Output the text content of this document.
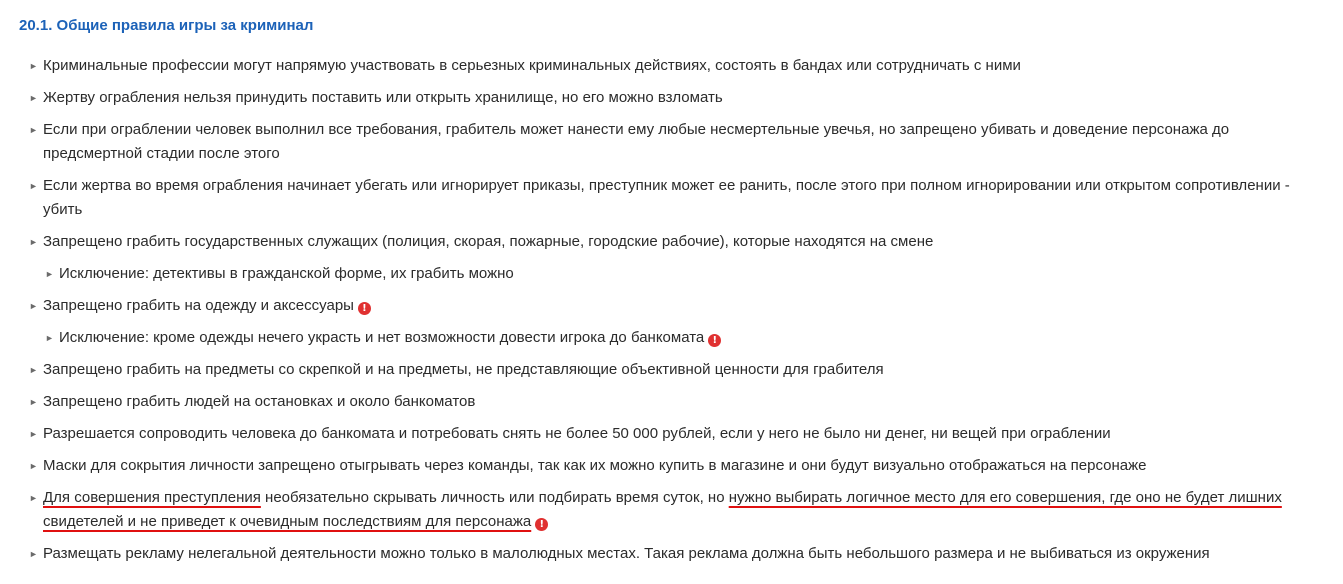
20.1. Общие правила игры за криминал
► Криминальные профессии могут напрямую участвовать в серьезных криминальных действиях, состоять в бандах или сотрудничать с ними
► Жертву ограбления нельзя принудить поставить или открыть хранилище, но его можно взломать
► Если при ограблении человек выполнил все требования, грабитель может нанести ему любые несмертельные увечья, но запрещено убивать и доведение персонажа до предсмертной стадии после этого
► Если жертва во время ограбления начинает убегать или игнорирует приказы, преступник может ее ранить, после этого при полном игнорировании или открытом сопротивлении - убить
► Запрещено грабить государственных служащих (полиция, скорая, пожарные, городские рабочие), которые находятся на смене
► Исключение: детективы в гражданской форме, их грабить можно
► Запрещено грабить на одежду и аксессуары !
► Исключение: кроме одежды нечего украсть и нет возможности довести игрока до банкомата !
► Запрещено грабить на предметы со скрепкой и на предметы, не представляющие объективной ценности для грабителя
► Запрещено грабить людей на остановках и около банкоматов
► Разрешается сопроводить человека до банкомата и потребовать снять не более 50 000 рублей, если у него не было ни денег, ни вещей при ограблении
► Маски для сокрытия личности запрещено отыгрывать через команды, так как их можно купить в магазине и они будут визуально отображаться на персонаже
► Для совершения преступления необязательно скрывать личность или подбирать время суток, но нужно выбирать логичное место для его совершения, где оно не будет лишних свидетелей и не приведет к очевидным последствиям для персонажа !
► Размещать рекламу нелегальной деятельности можно только в малолюдных местах. Такая реклама должна быть небольшого размера и не выбиваться из окружения
